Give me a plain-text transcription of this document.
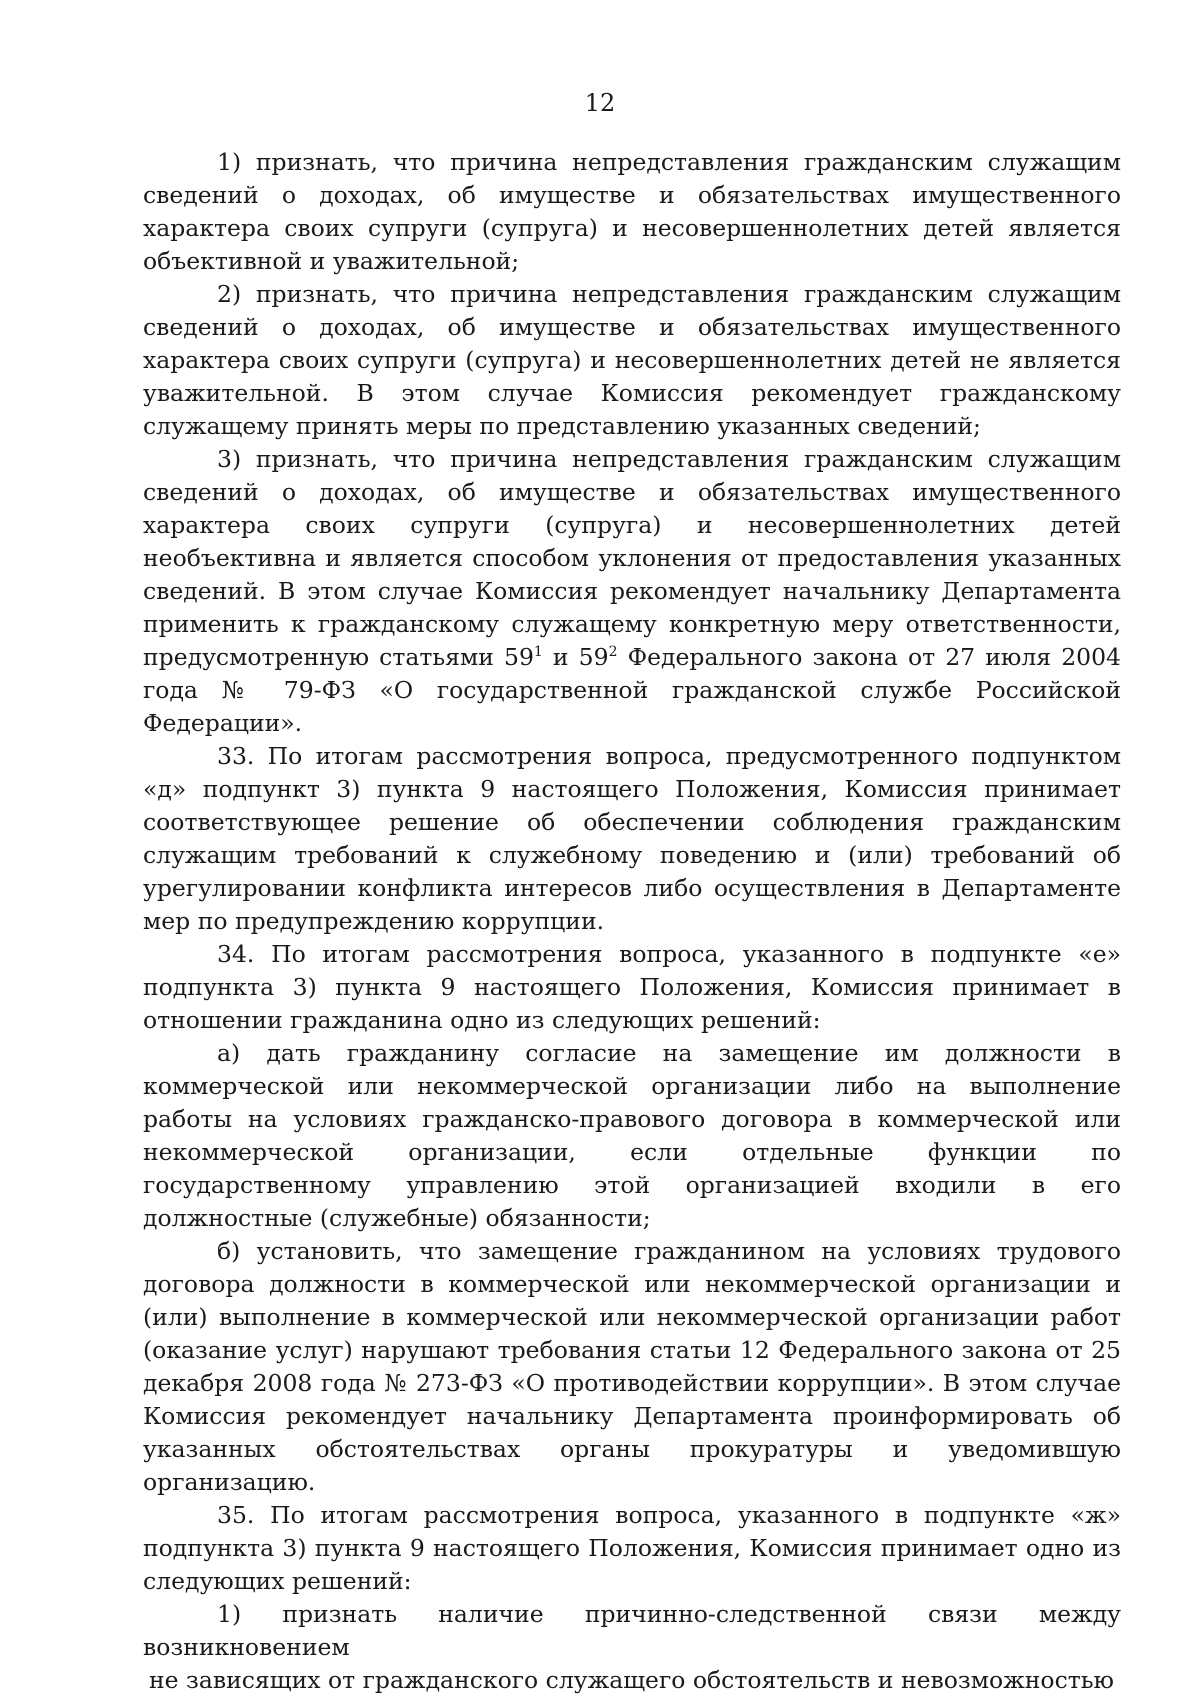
12

1) признать, что причина непредставления гражданским служащим сведений о доходах, об имуществе и обязательствах имущественного характера своих супруги (супруга) и несовершеннолетних детей является объективной и уважительной;

2) признать, что причина непредставления гражданским служащим сведений о доходах, об имуществе и обязательствах имущественного характера своих супруги (супруга) и несовершеннолетних детей не является уважительной. В этом случае Комиссия рекомендует гражданскому служащему принять меры по представлению указанных сведений;

3) признать, что причина непредставления гражданским служащим сведений о доходах, об имуществе и обязательствах имущественного характера своих супруги (супруга) и несовершеннолетних детей необъективна и является способом уклонения от предоставления указанных сведений. В этом случае Комиссия рекомендует начальнику Департамента применить к гражданскому служащему конкретную меру ответственности, предусмотренную статьями $59^1$ и $59^2$ Федерального закона от 27 июля 2004 года № 79-ФЗ «О государственной гражданской службе Российской Федерации».

33. По итогам рассмотрения вопроса, предусмотренного подпунктом «д» подпункт 3) пункта 9 настоящего Положения, Комиссия принимает соответствующее решение об обеспечении соблюдения гражданским служащим требований к служебному поведению и (или) требований об урегулировании конфликта интересов либо осуществления в Департаменте мер по предупреждению коррупции.

34. По итогам рассмотрения вопроса, указанного в подпункте «е» подпункта 3) пункта 9 настоящего Положения, Комиссия принимает в отношении гражданина одно из следующих решений:

а) дать гражданину согласие на замещение им должности в коммерческой или некоммерческой организации либо на выполнение работы на условиях гражданско-правового договора в коммерческой или некоммерческой организации, если отдельные функции по государственному управлению этой организацией входили в его должностные (служебные) обязанности;

б) установить, что замещение гражданином на условиях трудового договора должности в коммерческой или некоммерческой организации и (или) выполнение в коммерческой или некоммерческой организации работ (оказание услуг) нарушают требования статьи 12 Федерального закона от 25 декабря 2008 года № 273-ФЗ «О противодействии коррупции». В этом случае Комиссия рекомендует начальнику Департамента проинформировать об указанных обстоятельствах органы прокуратуры и уведомившую организацию.

35. По итогам рассмотрения вопроса, указанного в подпункте «ж» подпункта 3) пункта 9 настоящего Положения, Комиссия принимает одно из следующих решений:

1) признать наличие причинно-следственной связи между возникновением

не зависящих от гражданского служащего обстоятельств и невозможностью
